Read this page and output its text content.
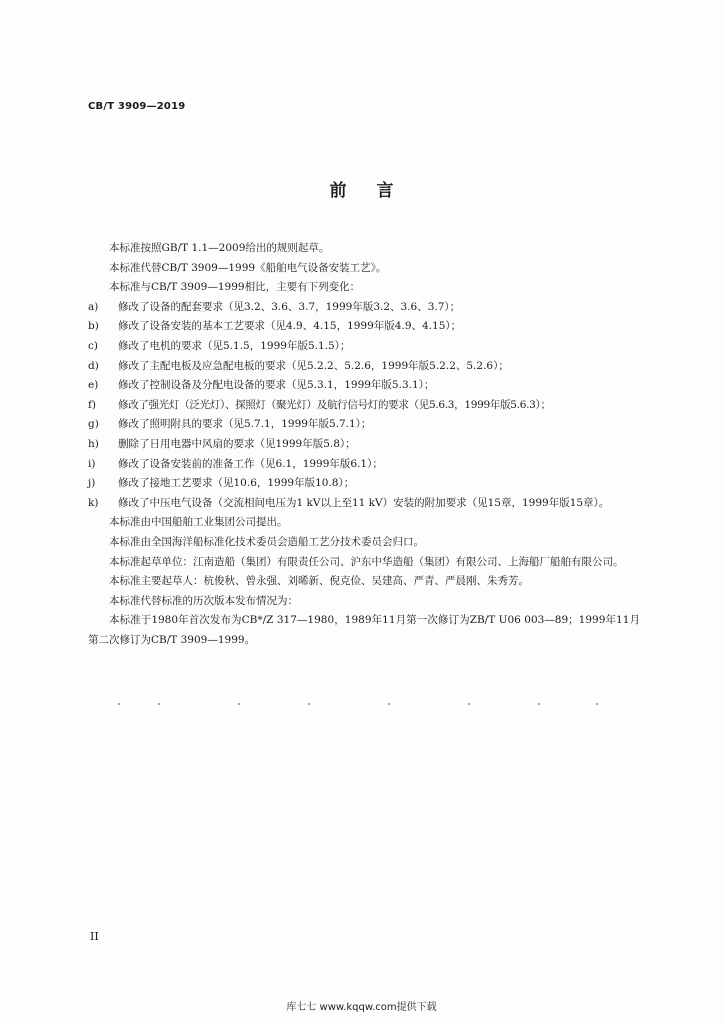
CB/T 3909—2019
前言

本标准按照GB/T 1.1—2009给出的规则起草。

本标准代替CB/T 3909—1999《船舶电气设备安装工艺》。

本标准与CB/T 3909—1999相比，主要有下列变化：

a)	修改了设备的配套要求（见3.2、3.6、3.7，1999年版3.2、3.6、3.7）；
b)	修改了设备安装的基本工艺要求（见4.9、4.15，1999年版4.9、4.15）；
c)	修改了电机的要求（见5.1.5，1999年版5.1.5）；
d)	修改了主配电板及应急配电板的要求（见5.2.2、5.2.6，1999年版5.2.2、5.2.6）；
e)	修改了控制设备及分配电设备的要求（见5.3.1，1999年版5.3.1）；
f)	修改了强光灯（泛光灯）、探照灯（聚光灯）及航行信号灯的要求（见5.6.3，1999年版5.6.3）；
g)	修改了照明附具的要求（见5.7.1，1999年版5.7.1）；
h)	删除了日用电器中风扇的要求（见1999年版5.8）；
i)	修改了设备安装前的准备工作（见6.1，1999年版6.1）；
j)	修改了接地工艺要求（见10.6，1999年版10.8）；
k)	修改了中压电气设备（交流相间电压为1 kV以上至11 kV）安装的附加要求（见15章，1999年版15章）。

本标准由中国船舶工业集团公司提出。

本标准由全国海洋船标准化技术委员会造船工艺分技术委员会归口。

本标准起草单位：江南造船（集团）有限责任公司、沪东中华造船（集团）有限公司、上海船厂船舶有限公司。

本标准主要起草人：杭俊秋、曾永强、刘晞新、倪克俭、吴建高、严青、严晨刚、朱秀芳。

本标准代替标准的历次版本发布情况为：

本标准于1980年首次发布为CB*/Z 317—1980，1989年11月第一次修订为ZB/T U06 003—89；1999年11月第二次修订为CB/T 3909—1999。

II
库七七 www.kqqw.com提供下载
